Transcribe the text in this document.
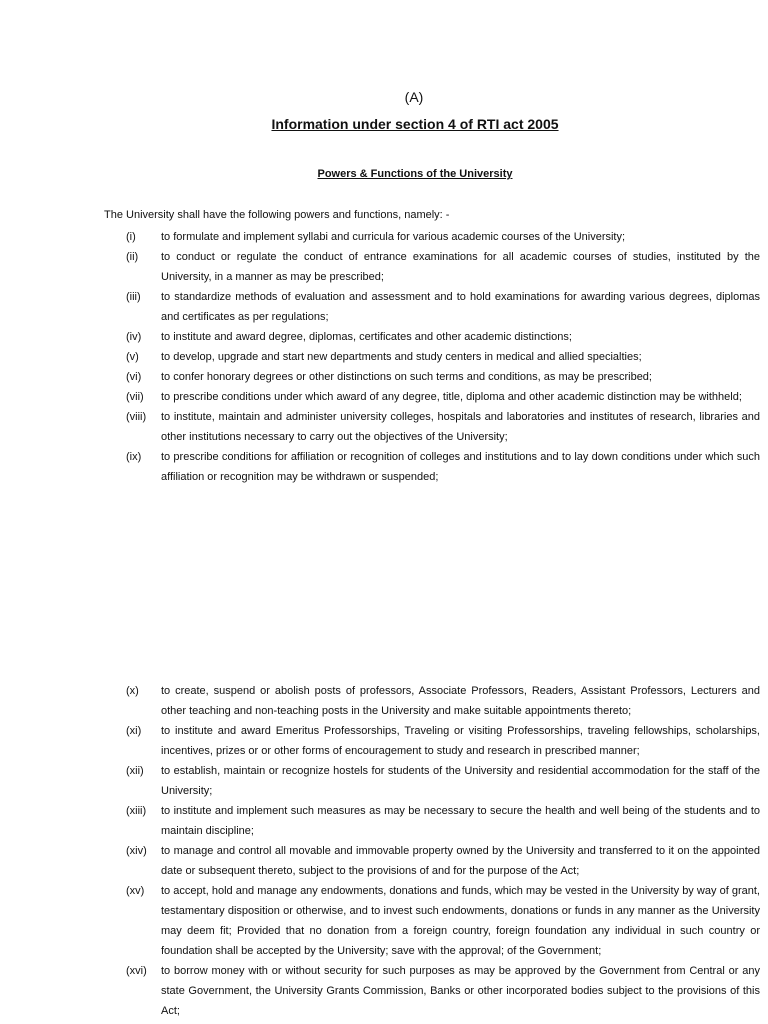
(A)
Information under section 4 of RTI act 2005
Powers & Functions of the University
The University shall have the following powers and functions, namely: -
(i)	to formulate and implement syllabi and curricula for various academic courses of the University;
(ii)	to conduct or regulate the conduct of entrance examinations for all academic courses of studies, instituted by the University, in a manner as may be prescribed;
(iii)	to standardize methods of evaluation and assessment and to hold examinations for awarding various degrees, diplomas and certificates as per regulations;
(iv)	to institute and award degree, diplomas, certificates and other academic distinctions;
(v)	to develop, upgrade and start new departments and study centers in medical and allied specialties;
(vi)	to confer honorary degrees or other distinctions on such terms and conditions, as may be prescribed;
(vii)	to prescribe conditions under which award of any degree, title, diploma and other academic distinction may be withheld;
(viii)	to institute, maintain and administer university colleges, hospitals and laboratories and institutes of research, libraries and other institutions necessary to carry out the objectives of the University;
(ix)	to prescribe conditions for affiliation or recognition of colleges and institutions and to lay down conditions under which such affiliation or recognition may be withdrawn or suspended;
(x)	to create, suspend or abolish posts of professors, Associate Professors, Readers, Assistant Professors, Lecturers and other teaching and non-teaching posts in the University and make suitable appointments thereto;
(xi)	to institute and award Emeritus Professorships, Traveling or visiting Professorships, traveling fellowships, scholarships, incentives, prizes or or other forms of encouragement to study and research in prescribed manner;
(xii)	to establish, maintain or recognize hostels for students of the University and residential accommodation for the staff of the University;
(xiii)	to institute and implement such measures as may be necessary to secure the health and well being of the students and to maintain discipline;
(xiv)	to manage and control all movable and immovable property owned by the University and transferred to it on the appointed date or subsequent thereto, subject to the provisions of and for the purpose of the Act;
(xv)	to accept, hold and manage any endowments, donations and funds, which may be vested in the University by way of grant, testamentary disposition or otherwise, and to invest such endowments, donations or funds in any manner as the University may deem fit; Provided that no donation from a foreign country, foreign foundation any individual in such country or foundation shall be accepted by the University; save with the approval; of the Government;
(xvi)	to borrow money with or without security for such purposes as may be approved by the Government from Central or any state Government, the University Grants Commission, Banks or other incorporated bodies subject to the provisions of this Act;
